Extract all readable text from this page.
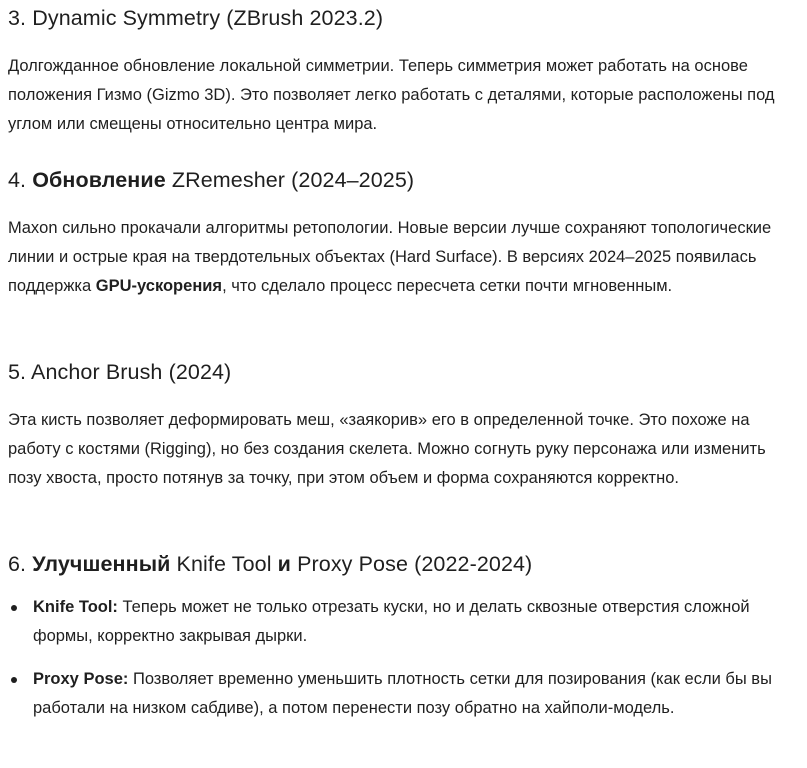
3. Dynamic Symmetry (ZBrush 2023.2)

Долгожданное обновление локальной симметрии. Теперь симметрия может работать на основе положения Гизмо (Gizmo 3D). Это позволяет легко работать с деталями, которые расположены под углом или смещены относительно центра мира.

4. Обновление ZRemesher (2024–2025)

Maxon сильно прокачали алгоритмы ретопологии. Новые версии лучше сохраняют топологические линии и острые края на твердотельных объектах (Hard Surface). В версиях 2024–2025 появилась поддержка GPU-ускорения, что сделало процесс пересчета сетки почти мгновенным.

5. Anchor Brush (2024)

Эта кисть позволяет деформировать меш, «заякорив» его в определенной точке. Это похоже на работу с костями (Rigging), но без создания скелета. Можно согнуть руку персонажа или изменить позу хвоста, просто потянув за точку, при этом объем и форма сохраняются корректно.

6. Улучшенный Knife Tool и Proxy Pose (2022-2024)
Knife Tool: Теперь может не только отрезать куски, но и делать сквозные отверстия сложной формы, корректно закрывая дырки.
Proxy Pose: Позволяет временно уменьшить плотность сетки для позирования (как если бы вы работали на низком сабдиве), а потом перенести позу обратно на хайполи-модель.
